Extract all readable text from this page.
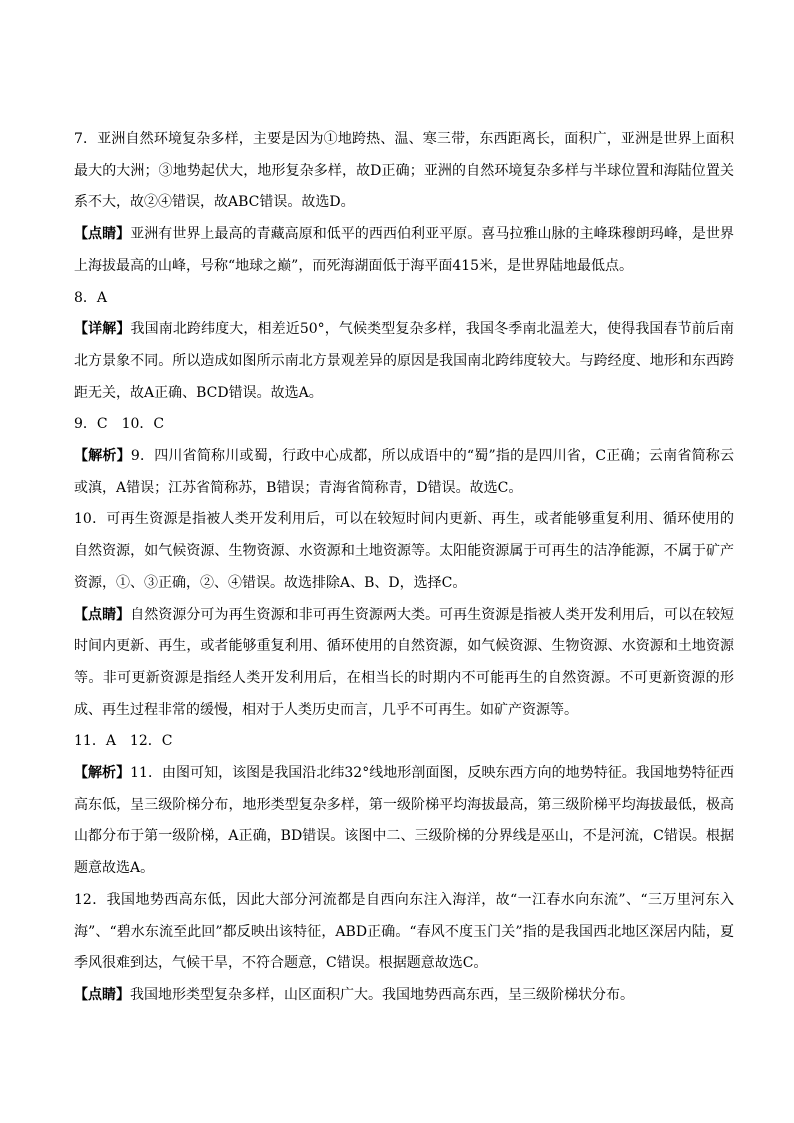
7．亚洲自然环境复杂多样，主要是因为①地跨热、温、寒三带，东西距离长，面积广，亚洲是世界上面积最大的大洲；③地势起伏大，地形复杂多样，故D正确；亚洲的自然环境复杂多样与半球位置和海陆位置关系不大，故②④错误，故ABC错误。故选D。

【点睛】亚洲有世界上最高的青藏高原和低平的西西伯利亚平原。喜马拉雅山脉的主峰珠穆朗玛峰，是世界上海拔最高的山峰，号称“地球之巅”，而死海湖面低于海平面415米，是世界陆地最低点。

8．A

【详解】我国南北跨纬度大，相差近50°，气候类型复杂多样，我国冬季南北温差大，使得我国春节前后南北方景象不同。所以造成如图所示南北方景观差异的原因是我国南北跨纬度较大。与跨经度、地形和东西跨距无关，故A正确、BCD错误。故选A。

9．C　10．C

【解析】9．四川省简称川或蜀，行政中心成都，所以成语中的“蜀”指的是四川省，C正确；云南省简称云或滇，A错误；江苏省简称苏，B错误；青海省简称青，D错误。故选C。

10．可再生资源是指被人类开发利用后，可以在较短时间内更新、再生，或者能够重复利用、循环使用的自然资源，如气候资源、生物资源、水资源和土地资源等。太阳能资源属于可再生的洁净能源，不属于矿产资源，①、③正确，②、④错误。故选排除A、B、D，选择C。

【点睛】自然资源分可为再生资源和非可再生资源两大类。可再生资源是指被人类开发利用后，可以在较短时间内更新、再生，或者能够重复利用、循环使用的自然资源，如气候资源、生物资源、水资源和土地资源等。非可更新资源是指经人类开发利用后，在相当长的时期内不可能再生的自然资源。不可更新资源的形成、再生过程非常的缓慢，相对于人类历史而言，几乎不可再生。如矿产资源等。

11．A　12．C

【解析】11．由图可知，该图是我国沿北纬32°线地形剖面图，反映东西方向的地势特征。我国地势特征西高东低，呈三级阶梯分布，地形类型复杂多样，第一级阶梯平均海拔最高，第三级阶梯平均海拔最低，极高山都分布于第一级阶梯，A正确，BD错误。该图中二、三级阶梯的分界线是巫山，不是河流，C错误。根据题意故选A。

12．我国地势西高东低，因此大部分河流都是自西向东注入海洋，故“一江春水向东流”、“三万里河东入海”、“碧水东流至此回”都反映出该特征，ABD正确。“春风不度玉门关”指的是我国西北地区深居内陆，夏季风很难到达，气候干旱，不符合题意，C错误。根据题意故选C。

【点睛】我国地形类型复杂多样，山区面积广大。我国地势西高东西，呈三级阶梯状分布。
